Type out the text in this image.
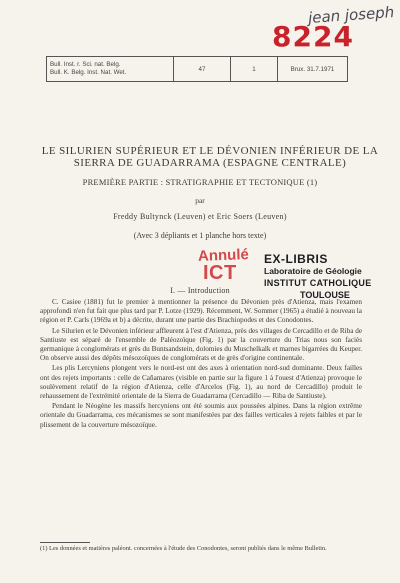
jean joseph
8224
Bull. Inst. r. Sci. nat. Belg.
Bull. K. Belg. Inst. Nat. Wet.	47	1	Brux. 31.7.1971
LE SILURIEN SUPÉRIEUR ET LE DÉVONIEN INFÉRIEUR DE LA SIERRA DE GUADARRAMA (ESPAGNE CENTRALE)
PREMIÈRE PARTIE : STRATIGRAPHIE ET TECTONIQUE (1)
par
Freddy Bultynck (Leuven) et Eric Soers (Leuven)
(Avec 3 dépliants et 1 planche hors texte)
Annulé
ICT
EX-LIBRIS
Laboratoire de Géologie
INSTITUT CATHOLIQUE
TOULOUSE
I. — Introduction

C. Casiee (1881) fut le premier à mentionner la présence du Dévonien près d'Atienza, mais l'examen approfondi n'en fut fait que plus tard par P. Lotze (1929). Récemment, W. Sommer (1965) a étudié à nouveau la région et P. Carls (1969a et b) a décrite, durant une partie des Brachiopodes et des Conodontes.

Le Silurien et le Dévonien inférieur affleurent à l'est d'Atienza, près des villages de Cercadillo et de Riba de Santiuste est séparé de l'ensemble de Paléozoïque (Fig. 1) par la couverture du Trias nous son faciès germanique à conglomérats et grès du Buntsandstein, dolomies du Muschelkalk et marnes bigarrées du Keuper. On observe aussi des dépôts mésozoïques de conglomérats et de grès d'origine continentale.

Les plis Lercyniens plongent vers le nord-est ont des axes à orientation nord-sud dominante. Deux failles ont des rejets importants : celle de Cañamares (visible en partie sur la figure 1 à l'ouest d'Atienza) provoque le soulèvement relatif de la région d'Atienza, celle d'Arcelos (Fig. 1), au nord de Cercadillo) produit le rehaussement de l'extrémité orientale de la Sierra de Guadarrama (Cercadillo — Riba de Santiuste).

Pendant le Néogène les massifs hercyniens ont été soumis aux poussées alpines. Dans la région extrême orientale du Guadarrama, ces mécanismes se sont manifestées par des failles verticales à rejets faibles et par le plissement de la couverture mésozoïque.

(1) Les données et matières paléont. concernées à l'étude des Conodontes, seront publiés dans le même Bulletin.
